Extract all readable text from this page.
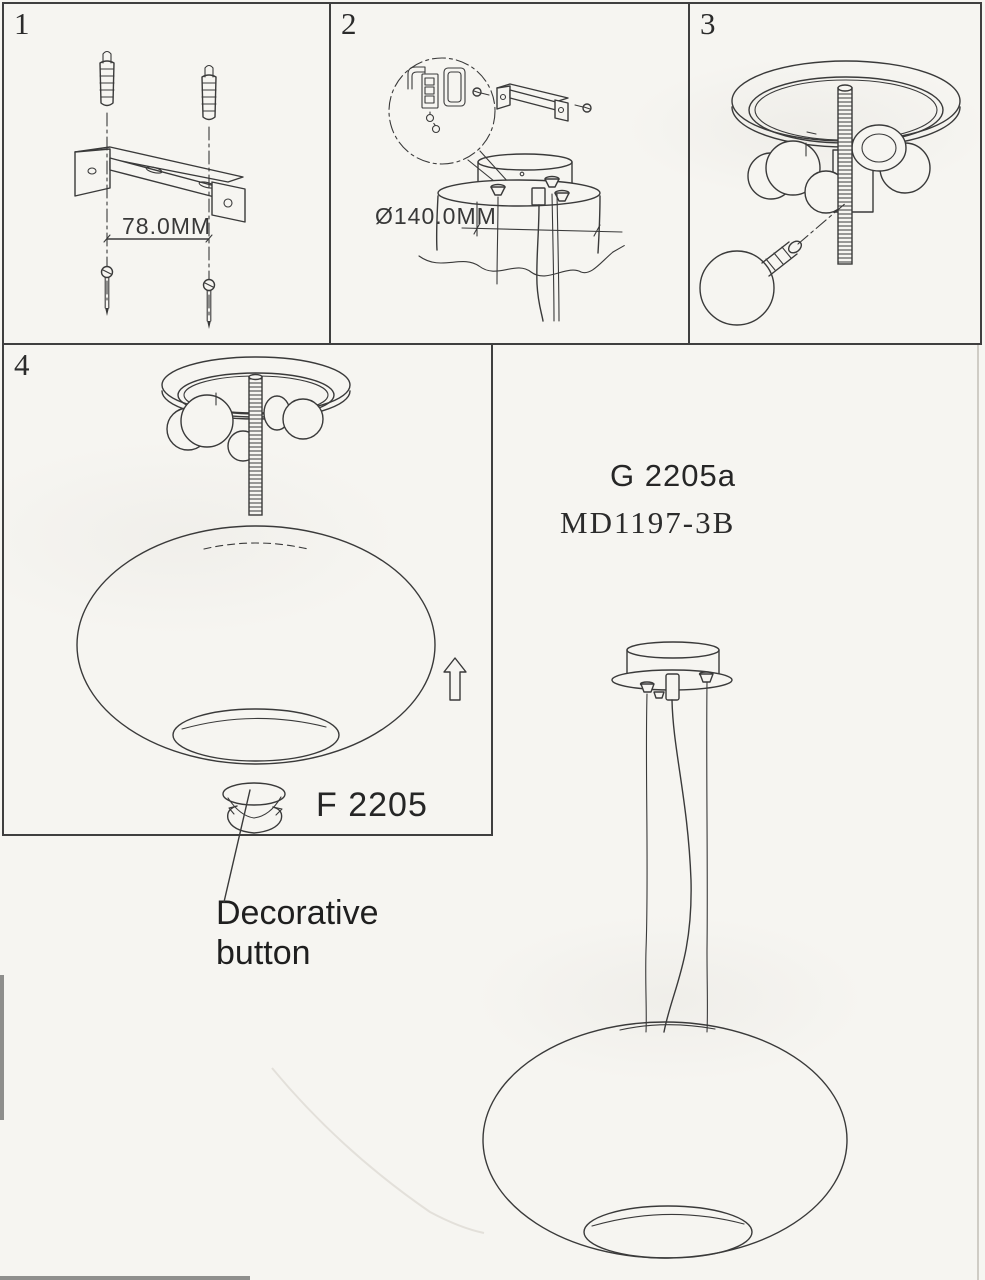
1
78.0MM
2
Ø140.0MM
3
4
F 2205
G 2205a
MD1197-3B
Decorative
button
